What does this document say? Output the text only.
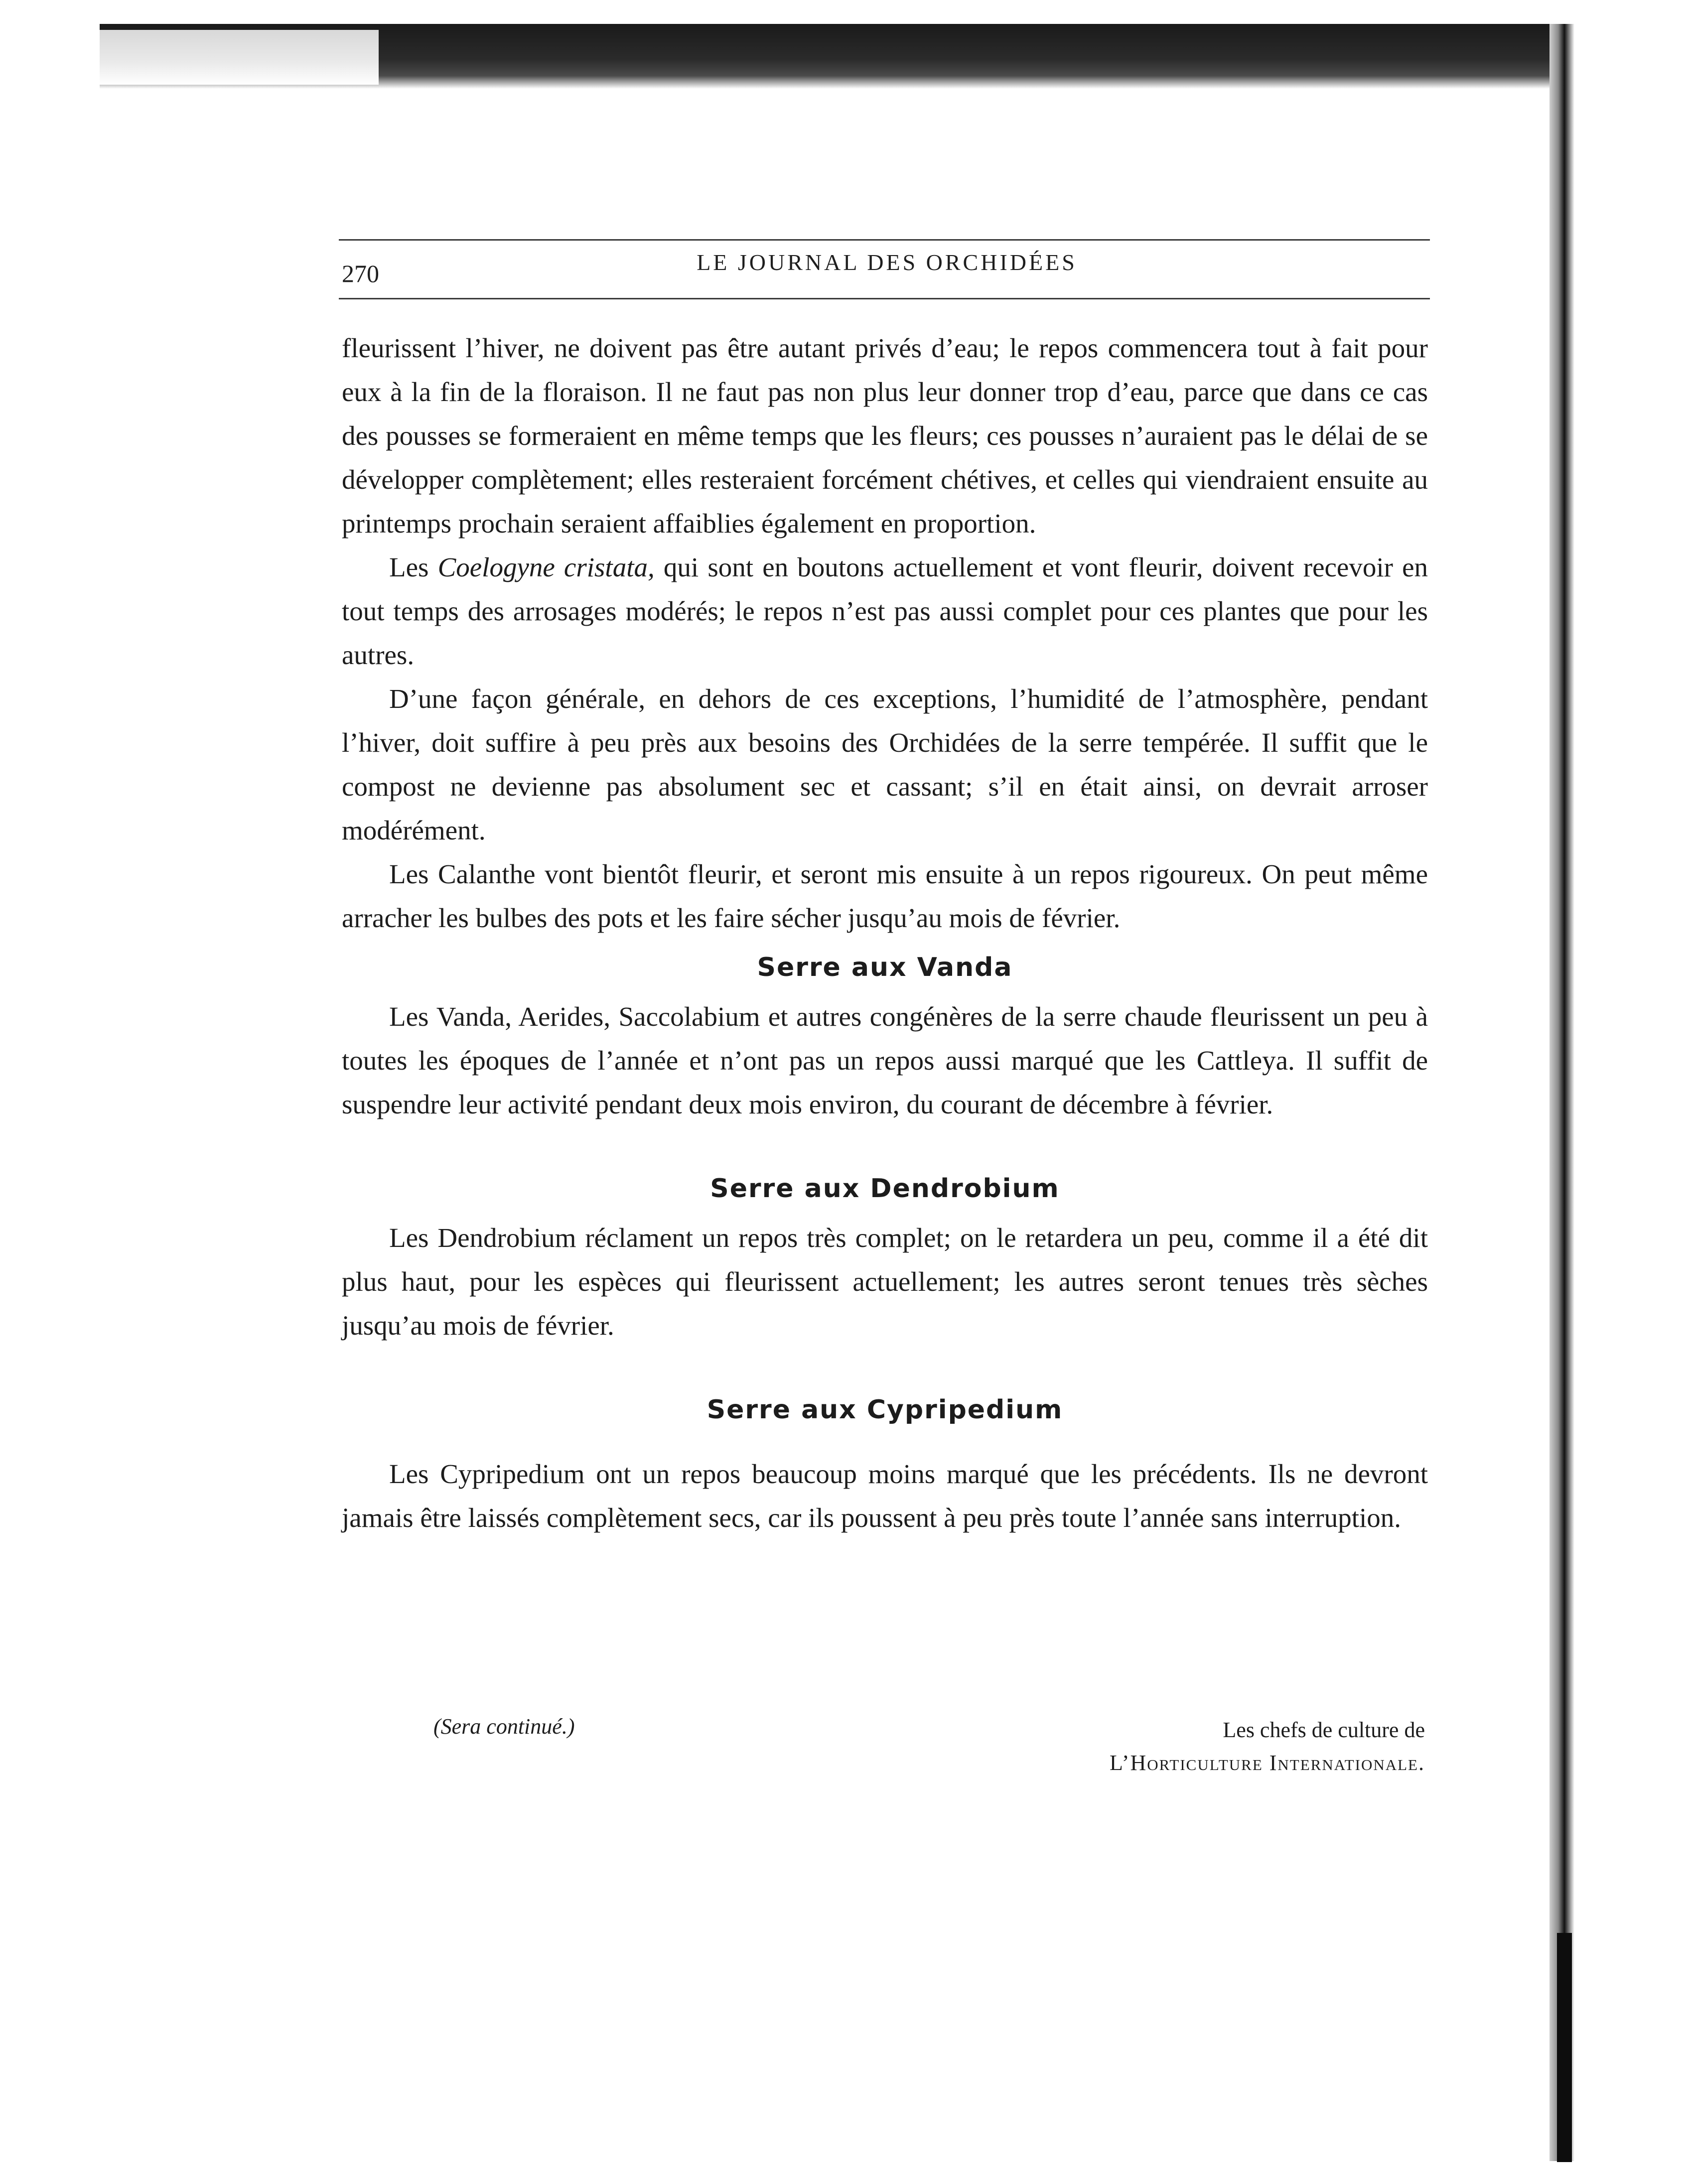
270	LE JOURNAL DES ORCHIDÉES

fleurissent l’hiver, ne doivent pas être autant privés d’eau; le repos commencera tout à fait pour eux à la fin de la floraison. Il ne faut pas non plus leur donner trop d’eau, parce que dans ce cas des pousses se formeraient en même temps que les fleurs; ces pousses n’auraient pas le délai de se développer complètement; elles resteraient forcément chétives, et celles qui viendraient ensuite au printemps prochain seraient affaiblies également en proportion.

Les Coelogyne cristata, qui sont en boutons actuellement et vont fleurir, doivent recevoir en tout temps des arrosages modérés; le repos n’est pas aussi complet pour ces plantes que pour les autres.

D’une façon générale, en dehors de ces exceptions, l’humidité de l’atmosphère, pendant l’hiver, doit suffire à peu près aux besoins des Orchidées de la serre tempérée. Il suffit que le compost ne devienne pas absolument sec et cassant; s’il en était ainsi, on devrait arroser modérément.

Les Calanthe vont bientôt fleurir, et seront mis ensuite à un repos rigoureux. On peut même arracher les bulbes des pots et les faire sécher jusqu’au mois de février.

Serre aux Vanda

Les Vanda, Aerides, Saccolabium et autres congénères de la serre chaude fleurissent un peu à toutes les époques de l’année et n’ont pas un repos aussi marqué que les Cattleya. Il suffit de suspendre leur activité pendant deux mois environ, du courant de décembre à février.

Serre aux Dendrobium

Les Dendrobium réclament un repos très complet; on le retardera un peu, comme il a été dit plus haut, pour les espèces qui fleurissent actuellement; les autres seront tenues très sèches jusqu’au mois de février.

Serre aux Cypripedium

Les Cypripedium ont un repos beaucoup moins marqué que les précédents. Ils ne devront jamais être laissés complètement secs, car ils poussent à peu près toute l’année sans interruption.

(Sera continué.)	Les chefs de culture de
L’Horticulture Internationale.
